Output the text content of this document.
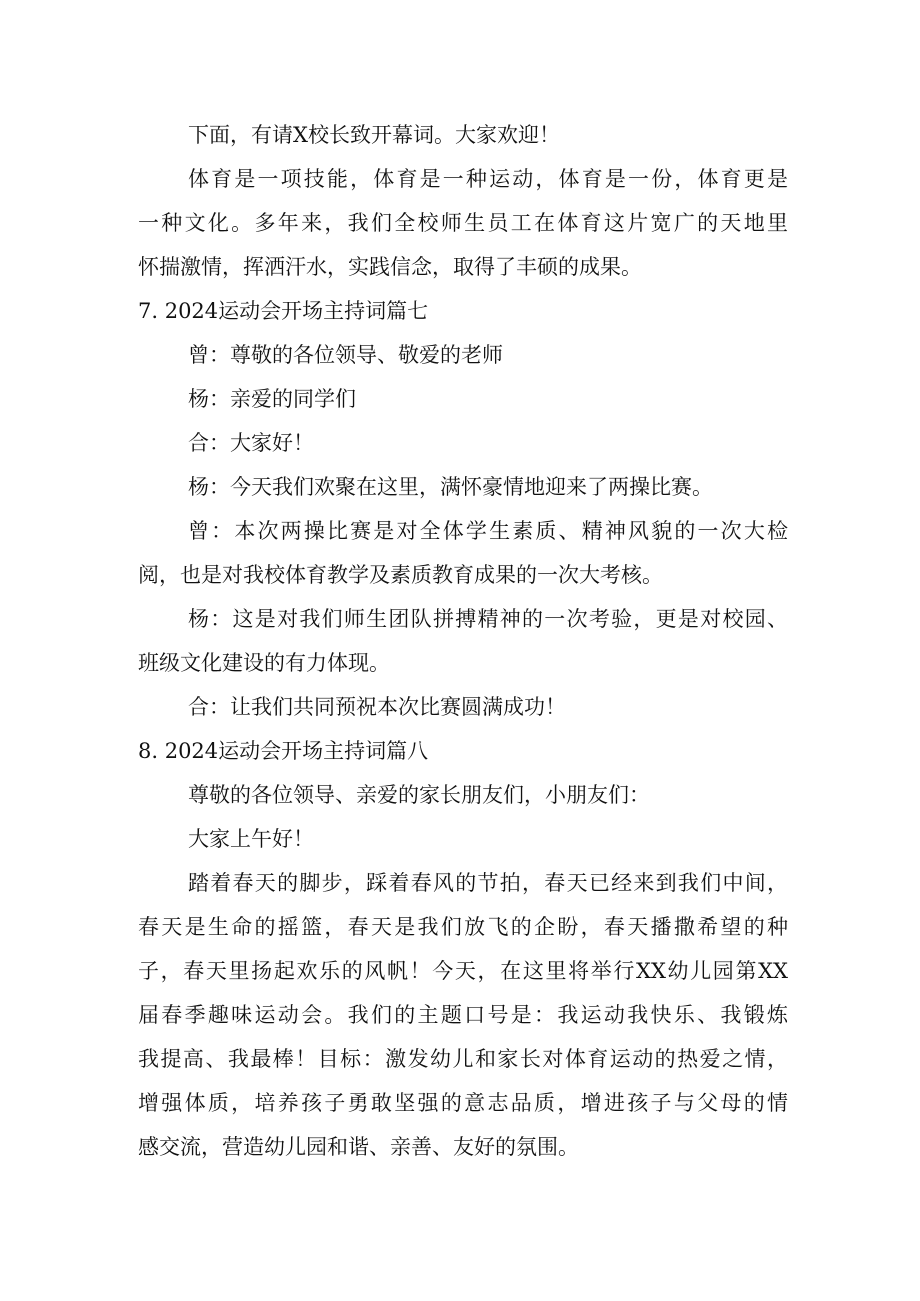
下面，有请X校长致开幕词。大家欢迎！
体育是一项技能，体育是一种运动，体育是一份，体育更是
一种文化。多年来，我们全校师生员工在体育这片宽广的天地里
怀揣激情，挥洒汗水，实践信念，取得了丰硕的成果。
7. 2024运动会开场主持词篇七
曾：尊敬的各位领导、敬爱的老师
杨：亲爱的同学们
合：大家好！
杨：今天我们欢聚在这里，满怀豪情地迎来了两操比赛。
曾：本次两操比赛是对全体学生素质、精神风貌的一次大检
阅，也是对我校体育教学及素质教育成果的一次大考核。
杨：这是对我们师生团队拼搏精神的一次考验，更是对校园、
班级文化建设的有力体现。
合：让我们共同预祝本次比赛圆满成功！
8. 2024运动会开场主持词篇八
尊敬的各位领导、亲爱的家长朋友们，小朋友们：
大家上午好！
踏着春天的脚步，踩着春风的节拍，春天已经来到我们中间，
春天是生命的摇篮，春天是我们放飞的企盼，春天播撒希望的种
子，春天里扬起欢乐的风帆！今天，在这里将举行XX幼儿园第XX
届春季趣味运动会。我们的主题口号是：我运动我快乐、我锻炼
我提高、我最棒！目标：激发幼儿和家长对体育运动的热爱之情，
增强体质，培养孩子勇敢坚强的意志品质，增进孩子与父母的情
感交流，营造幼儿园和谐、亲善、友好的氛围。
